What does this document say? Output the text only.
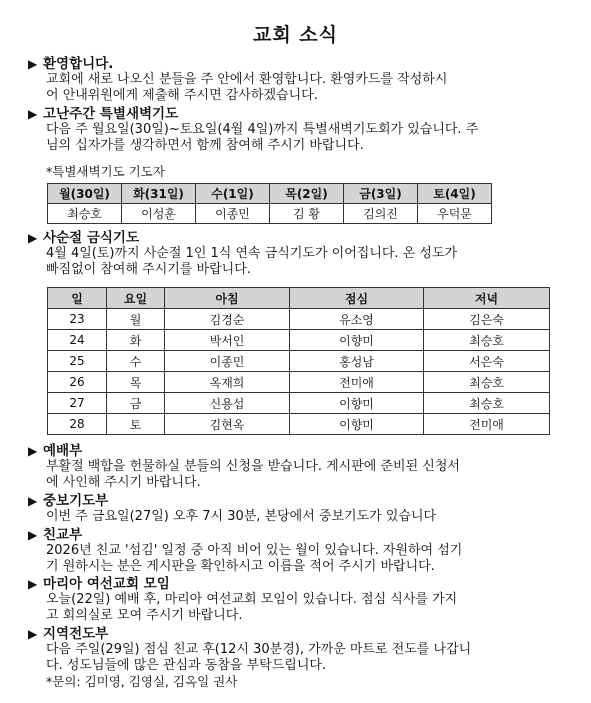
교회 소식
▶ 환영합니다.
교회에 새로 나오신 분들을 주 안에서 환영합니다. 환영카드를 작성하시
어 안내위원에게 제출해 주시면 감사하겠습니다.
▶ 고난주간 특별새벽기도
다음 주 월요일(30일)~토요일(4월 4일)까지 특별새벽기도회가 있습니다. 주
님의 십자가를 생각하면서 함께 참여해 주시기 바랍니다.
*특별새벽기도 기도자
월(30일)	화(31일)	수(1일)	목(2일)	금(3일)	토(4일)
최승호	이성훈	이종민	김 황	김의진	우덕문
▶ 사순절 금식기도
4월 4일(토)까지 사순절 1인 1식 연속 금식기도가 이어집니다. 온 성도가
빠짐없이 참여해 주시기를 바랍니다.
일	요일	아침	점심	저녁
23	월	김경순	유소영	김은숙
24	화	박서인	이향미	최승호
25	수	이종민	홍성남	서은숙
26	목	옥재희	전미애	최승호
27	금	신용섭	이향미	최승호
28	토	김현옥	이향미	전미애
▶ 예배부
부활절 백합을 헌물하실 분들의 신청을 받습니다. 게시판에 준비된 신청서
에 사인해 주시기 바랍니다.
▶ 중보기도부
이번 주 금요일(27일) 오후 7시 30분, 본당에서 중보기도가 있습니다
▶ 친교부
2026년 친교 '섬김' 일정 중 아직 비어 있는 월이 있습니다. 자원하여 섬기
기 원하시는 분은 게시판을 확인하시고 이름을 적어 주시기 바랍니다.
▶ 마리아 여선교회 모임
오늘(22일) 예배 후, 마리아 여선교회 모임이 있습니다. 점심 식사를 가지
고 회의실로 모여 주시기 바랍니다.
▶ 지역전도부
다음 주일(29일) 점심 친교 후(12시 30분경), 가까운 마트로 전도를 나갑니
다. 성도님들에 많은 관심과 동참을 부탁드립니다.
*문의: 김미영, 김영실, 김옥일 권사
